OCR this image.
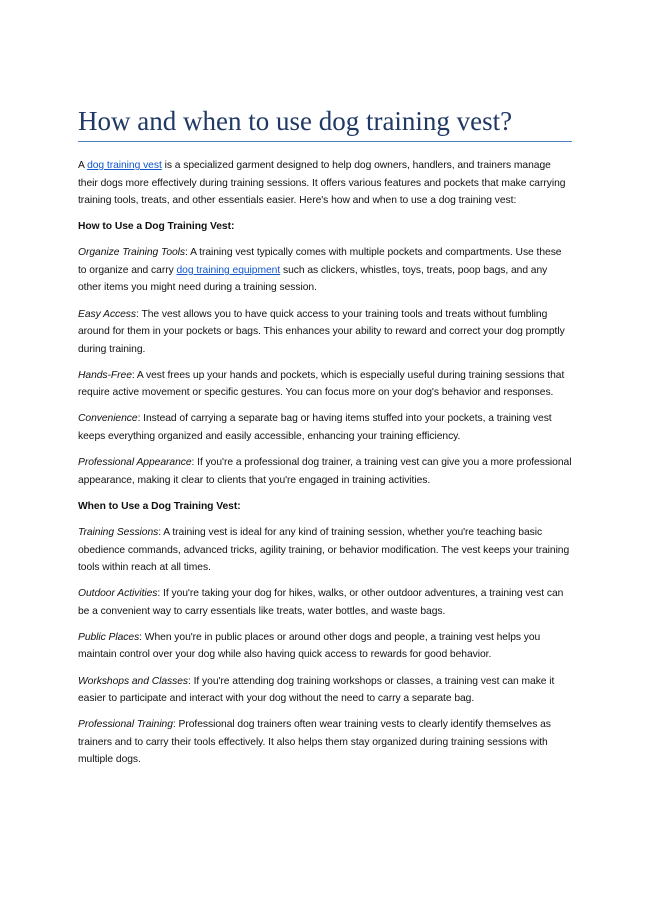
How and when to use dog training vest?

A dog training vest is a specialized garment designed to help dog owners, handlers, and trainers manage their dogs more effectively during training sessions. It offers various features and pockets that make carrying training tools, treats, and other essentials easier. Here's how and when to use a dog training vest:

How to Use a Dog Training Vest:

Organize Training Tools: A training vest typically comes with multiple pockets and compartments. Use these to organize and carry dog training equipment such as clickers, whistles, toys, treats, poop bags, and any other items you might need during a training session.

Easy Access: The vest allows you to have quick access to your training tools and treats without fumbling around for them in your pockets or bags. This enhances your ability to reward and correct your dog promptly during training.

Hands-Free: A vest frees up your hands and pockets, which is especially useful during training sessions that require active movement or specific gestures. You can focus more on your dog's behavior and responses.

Convenience: Instead of carrying a separate bag or having items stuffed into your pockets, a training vest keeps everything organized and easily accessible, enhancing your training efficiency.

Professional Appearance: If you're a professional dog trainer, a training vest can give you a more professional appearance, making it clear to clients that you're engaged in training activities.

When to Use a Dog Training Vest:

Training Sessions: A training vest is ideal for any kind of training session, whether you're teaching basic obedience commands, advanced tricks, agility training, or behavior modification. The vest keeps your training tools within reach at all times.

Outdoor Activities: If you're taking your dog for hikes, walks, or other outdoor adventures, a training vest can be a convenient way to carry essentials like treats, water bottles, and waste bags.

Public Places: When you're in public places or around other dogs and people, a training vest helps you maintain control over your dog while also having quick access to rewards for good behavior.

Workshops and Classes: If you're attending dog training workshops or classes, a training vest can make it easier to participate and interact with your dog without the need to carry a separate bag.

Professional Training: Professional dog trainers often wear training vests to clearly identify themselves as trainers and to carry their tools effectively. It also helps them stay organized during training sessions with multiple dogs.
